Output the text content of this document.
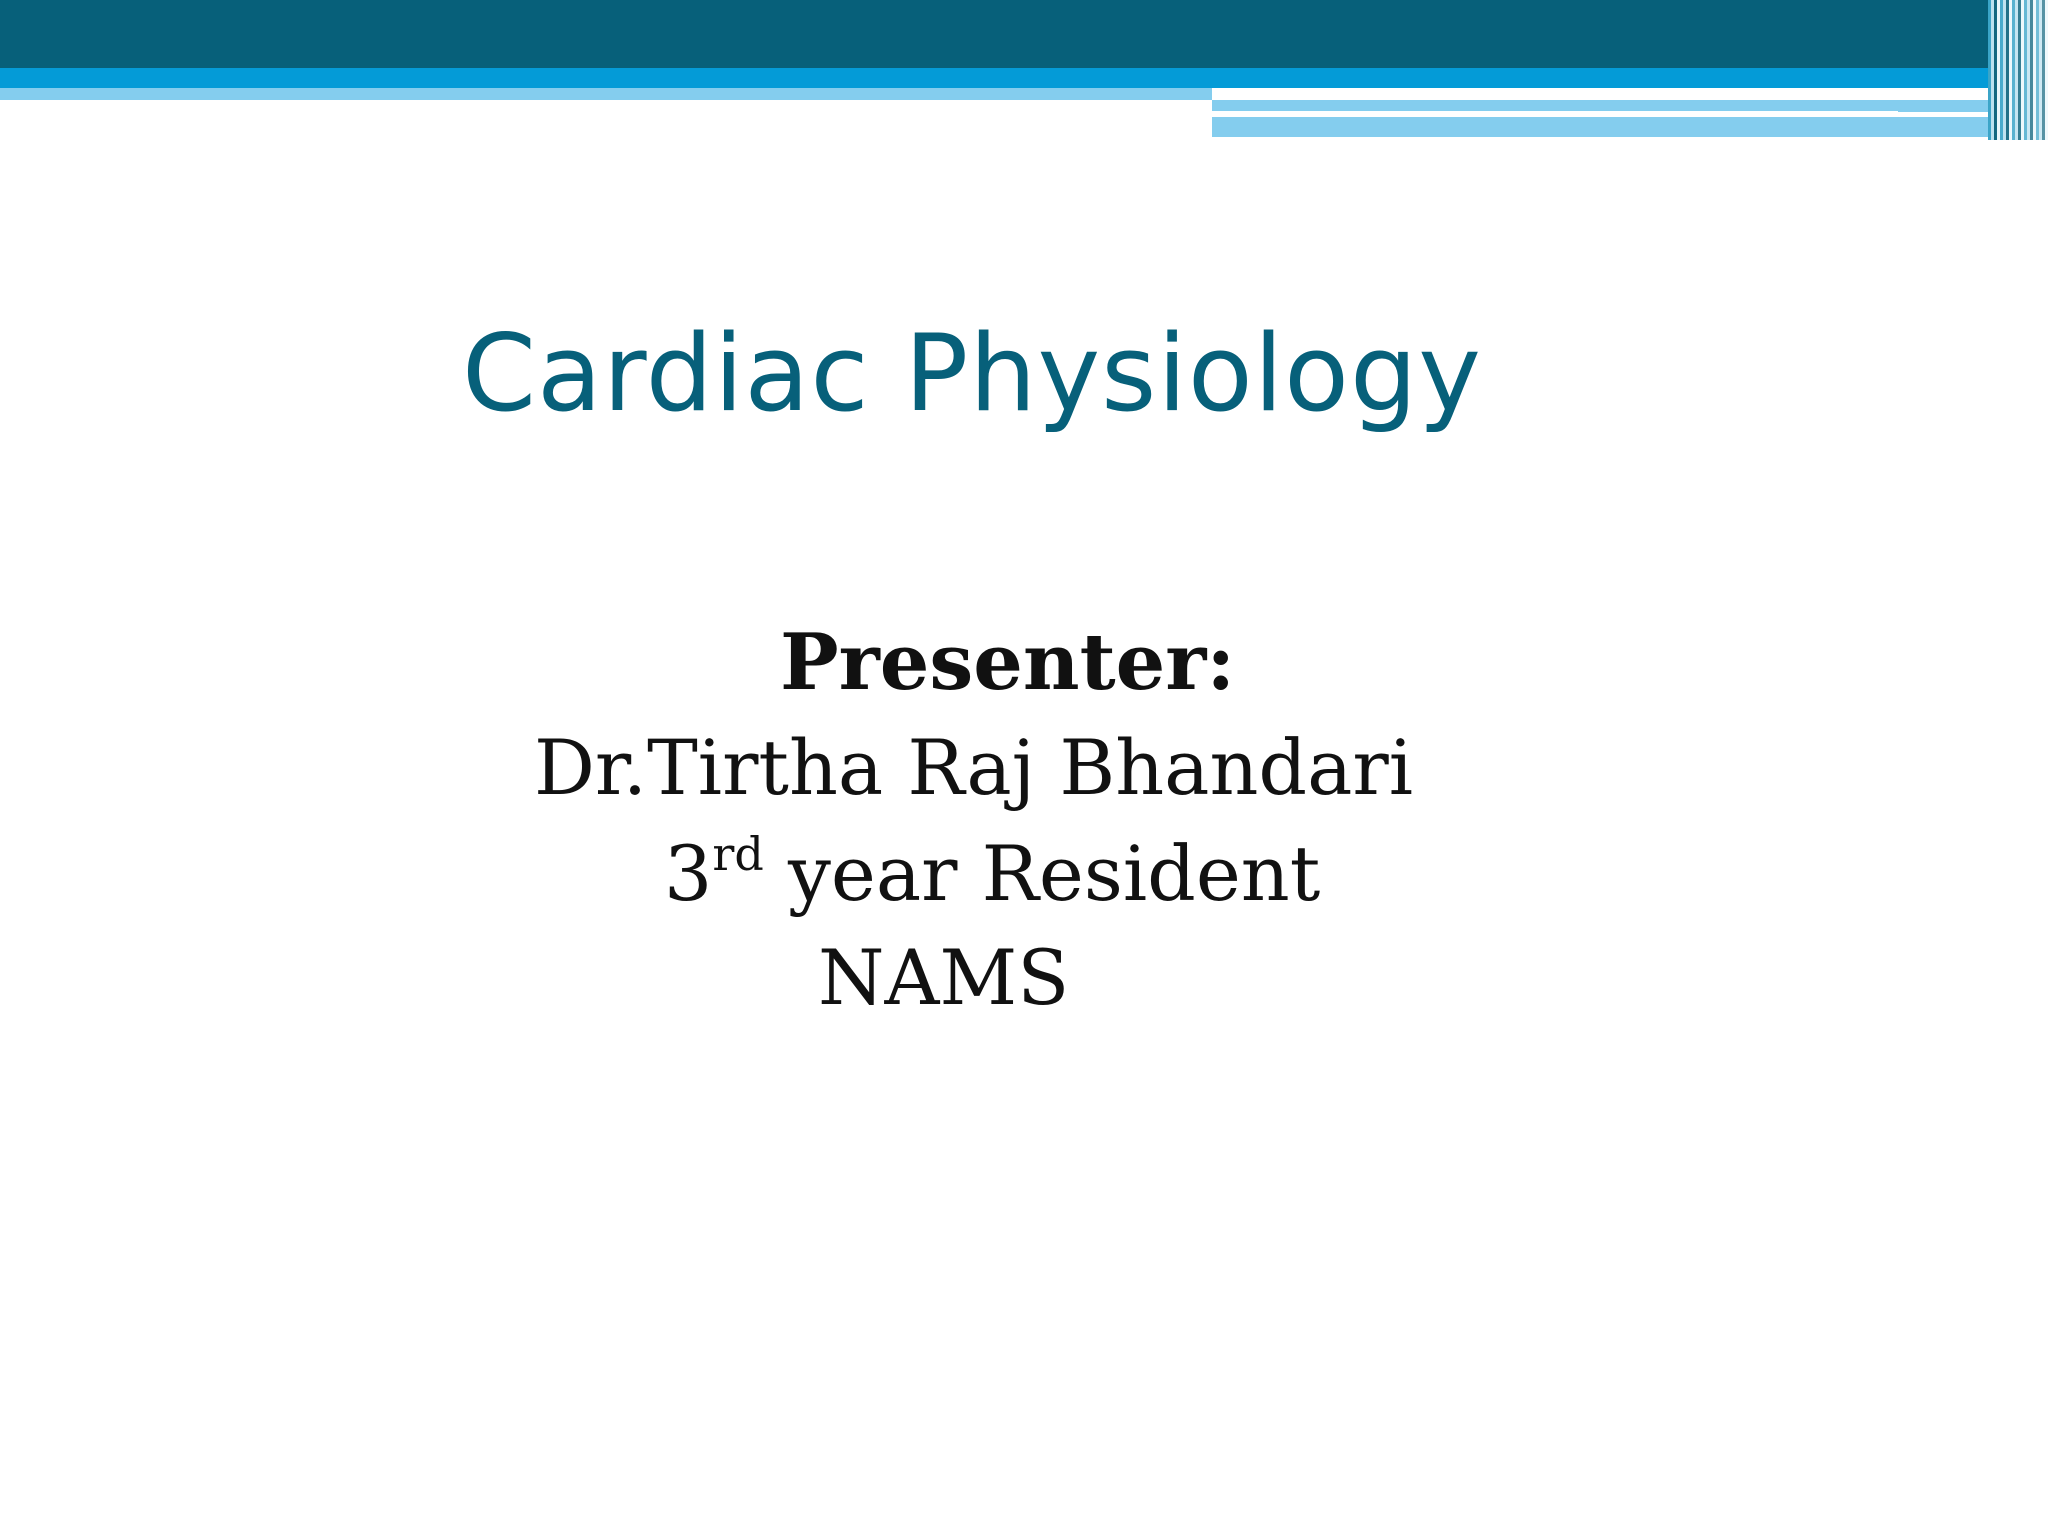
Cardiac Physiology
Presenter:
Dr.Tirtha Raj Bhandari
3rd year Resident
NAMS
